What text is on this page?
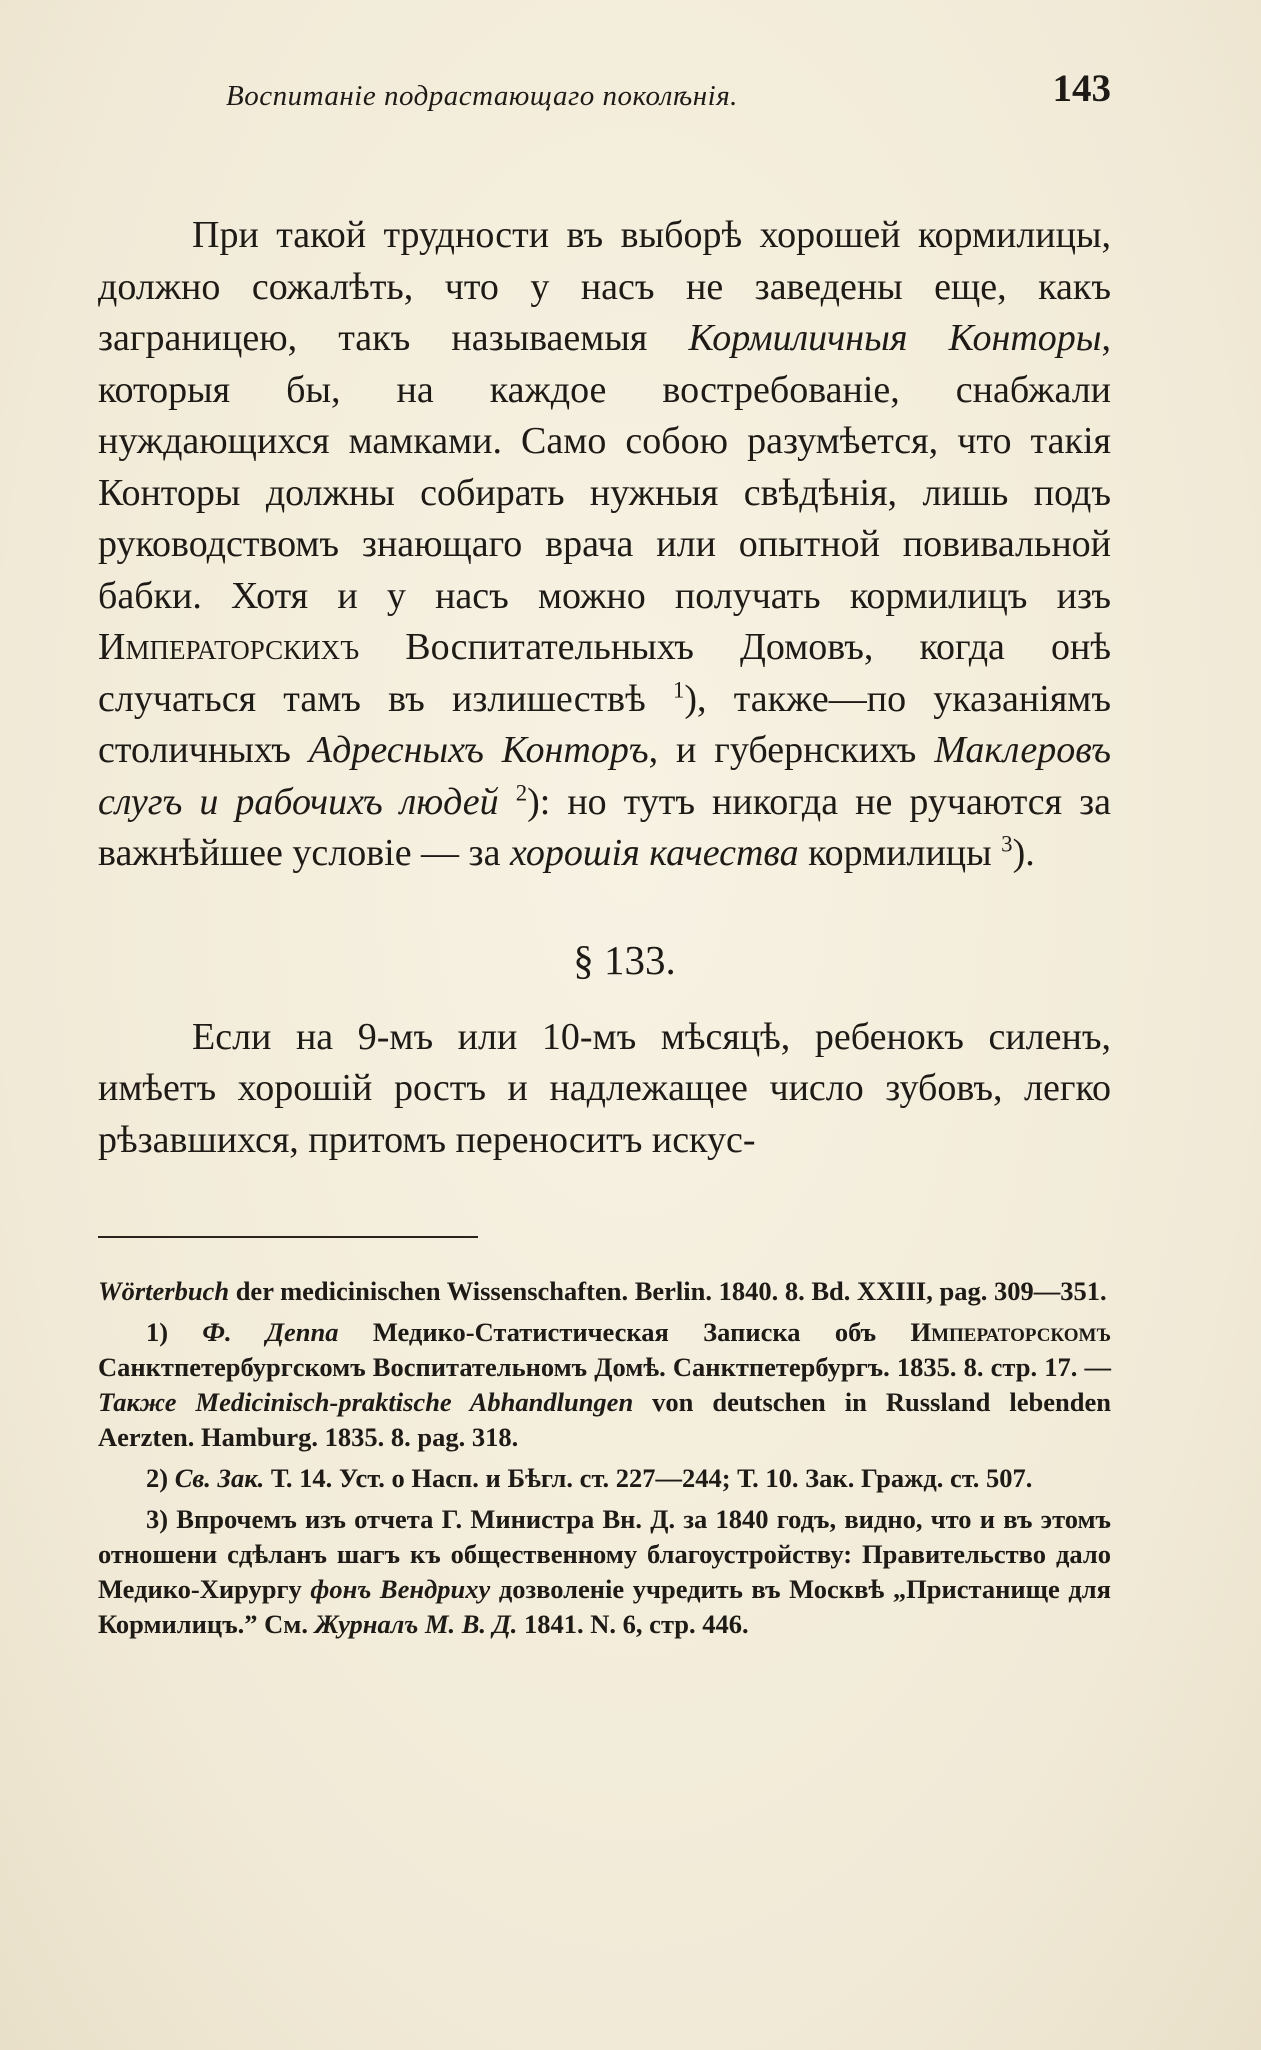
Воспитаніе подрастающаго поколѣнія.	143

При такой трудности въ выборѣ хорошей кормилицы, должно сожалѣть, что у насъ не заведены еще, какъ заграницею, такъ называемыя Кормиличныя Конторы, которыя бы, на каждое востребованіе, снабжали нуждающихся мамками. Само собою разумѣется, что такія Конторы должны собирать нужныя свѣдѣнія, лишь подъ руководствомъ знающаго врача или опытной повивальной бабки. Хотя и у насъ можно получать кормилицъ изъ Императорскихъ Воспитательныхъ Домовъ, когда онѣ случаться тамъ въ излишествѣ $^1$), также—по указаніямъ столичныхъ Адресныхъ Конторъ, и губернскихъ Маклеровъ слугъ и рабочихъ людей $^2$): но тутъ никогда не ручаются за важнѣйшее условіе — за хорошія качества кормилицы $^3$).

§ 133.

Если на 9-мъ или 10-мъ мѣсяцѣ, ребенокъ силенъ, имѣетъ хорошій ростъ и надлежащее число зубовъ, легко рѣзавшихся, притомъ переноситъ искус-

Wörterbuch der medicinischen Wissenschaften. Berlin. 1840. 8. Bd. XXIII, pag. 309—351.

1) Ф. Деппа Медико-Статистическая Записка объ Императорскомъ Санктпетербургскомъ Воспитательномъ Домѣ. Санктпетербургъ. 1835. 8. стр. 17. — Также Medicinisch-praktische Abhandlungen von deutschen in Russland lebenden Aerzten. Hamburg. 1835. 8. pag. 318.

2) Св. Зак. Т. 14. Уст. о Насп. и Бѣгл. ст. 227—244; Т. 10. Зак. Гражд. ст. 507.

3) Впрочемъ изъ отчета Г. Министра Вн. Д. за 1840 годъ, видно, что и въ этомъ отношени сдѣланъ шагъ къ общественному благоустройству: Правительство дало Медико-Хирургу фонъ Вендриху дозволеніе учредить въ Москвѣ „Пристанище для Кормилицъ.” См. Журналъ М. В. Д. 1841. N. 6, стр. 446.
